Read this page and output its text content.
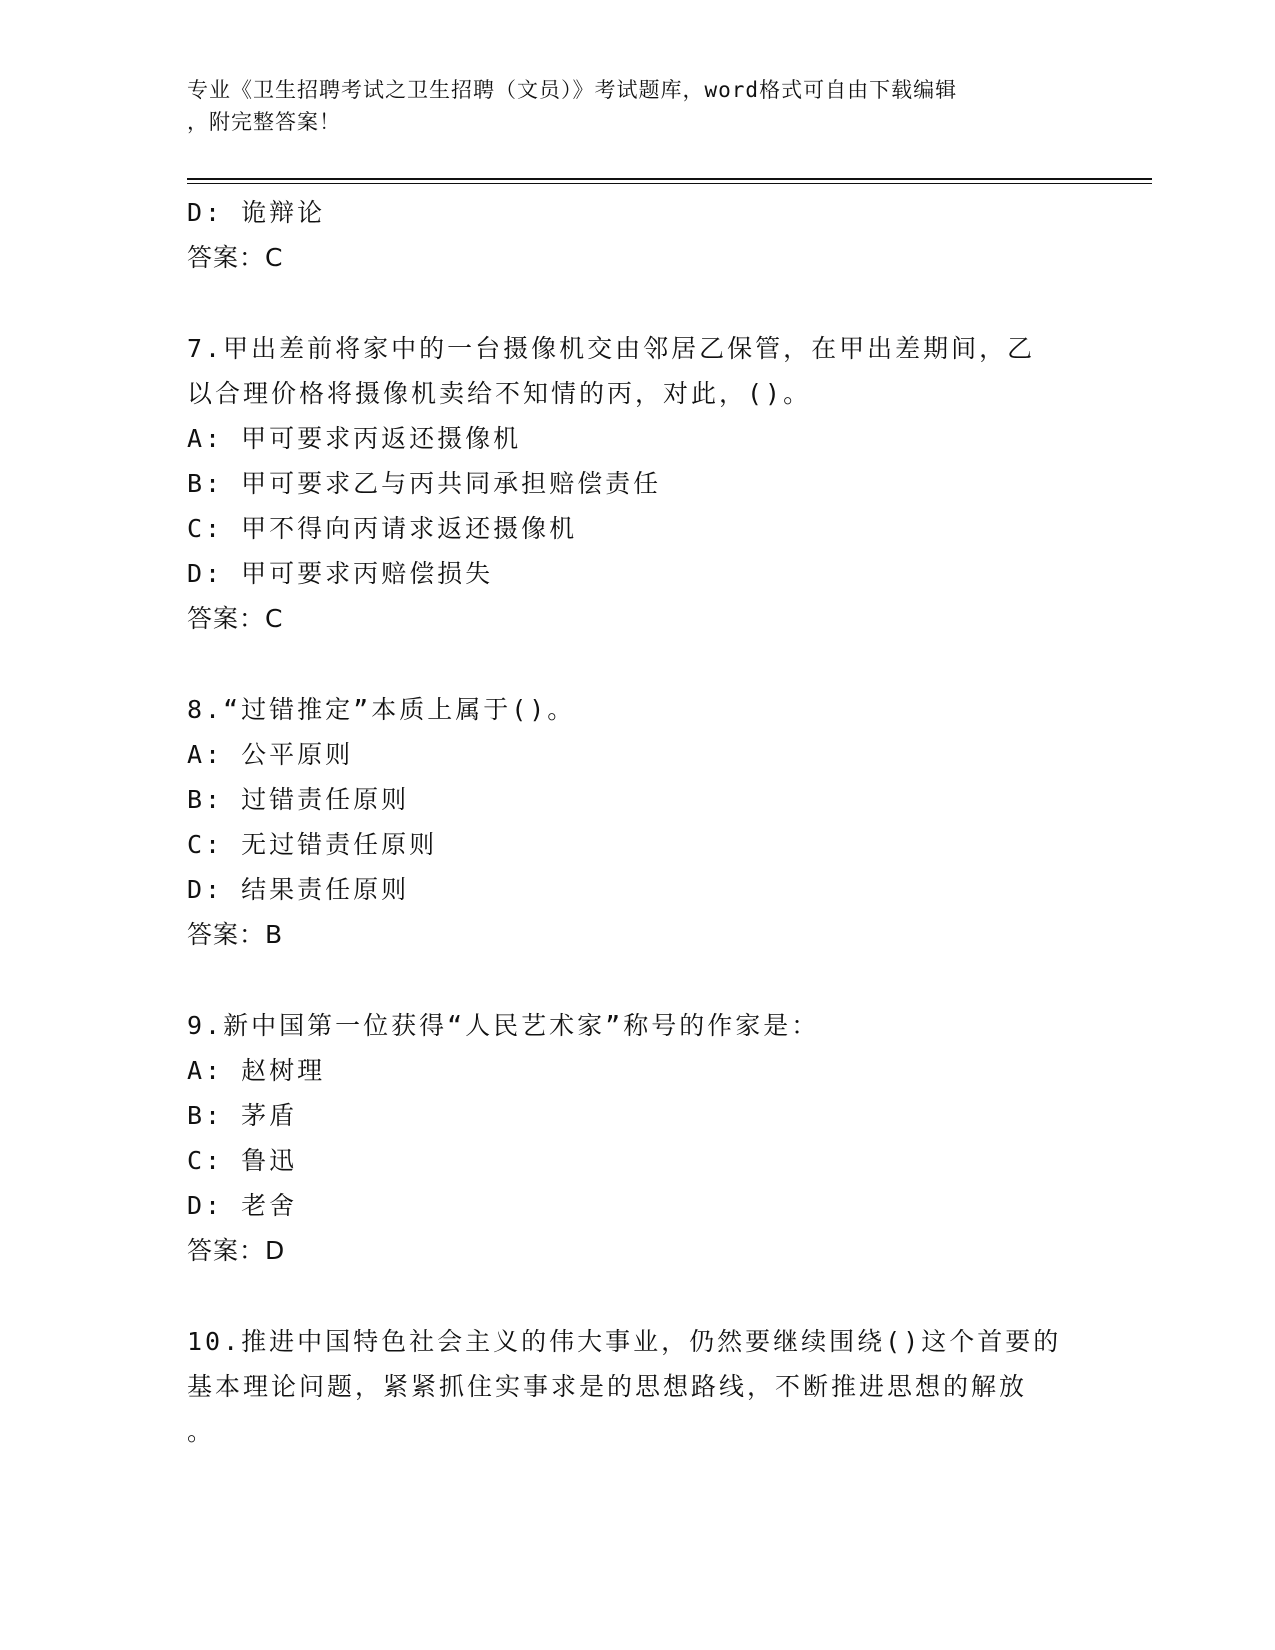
专业《卫生招聘考试之卫生招聘（文员）》考试题库，word格式可自由下载编辑
，附完整答案！
D: 诡辩论
答案：C
7.甲出差前将家中的一台摄像机交由邻居乙保管，在甲出差期间，乙
以合理价格将摄像机卖给不知情的丙，对此，()。
A: 甲可要求丙返还摄像机
B: 甲可要求乙与丙共同承担赔偿责任
C: 甲不得向丙请求返还摄像机
D: 甲可要求丙赔偿损失
答案：C
8.“过错推定”本质上属于()。
A: 公平原则
B: 过错责任原则
C: 无过错责任原则
D: 结果责任原则
答案：B
9.新中国第一位获得“人民艺术家”称号的作家是：
A: 赵树理
B: 茅盾
C: 鲁迅
D: 老舍
答案：D
10.推进中国特色社会主义的伟大事业，仍然要继续围绕()这个首要的
基本理论问题，紧紧抓住实事求是的思想路线，不断推进思想的解放
。
